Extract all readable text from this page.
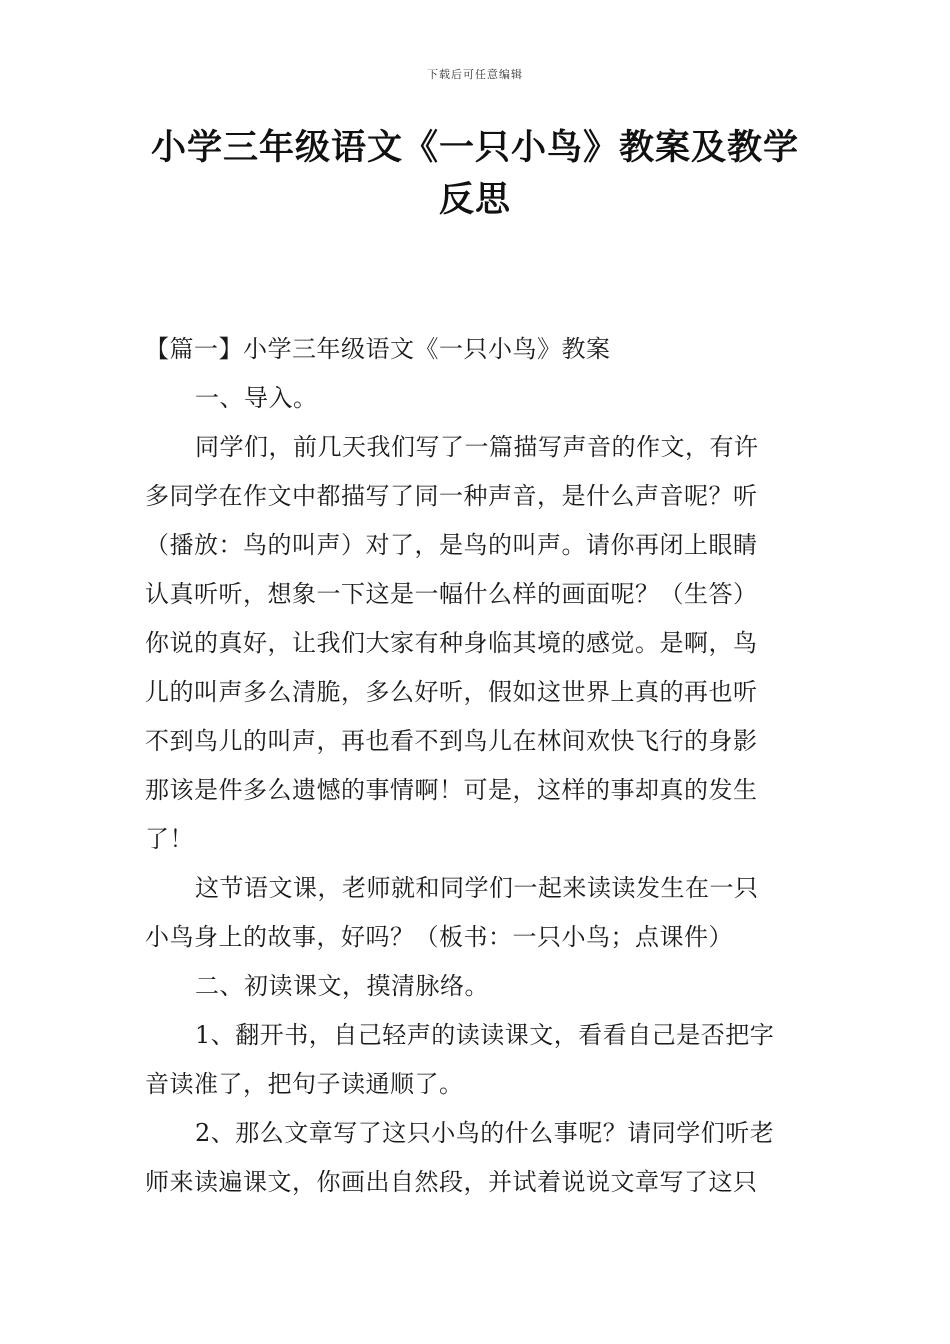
下载后可任意编辑
小学三年级语文《一只小鸟》教案及教学
反思

【篇一】小学三年级语文《一只小鸟》教案

一、导入。

同学们，前几天我们写了一篇描写声音的作文，有许
多同学在作文中都描写了同一种声音，是什么声音呢？听
（播放：鸟的叫声）对了，是鸟的叫声。请你再闭上眼睛
认真听听，想象一下这是一幅什么样的画面呢？（生答）
你说的真好，让我们大家有种身临其境的感觉。是啊，鸟
儿的叫声多么清脆，多么好听，假如这世界上真的再也听
不到鸟儿的叫声，再也看不到鸟儿在林间欢快飞行的身影
那该是件多么遗憾的事情啊！可是，这样的事却真的发生
了！

这节语文课，老师就和同学们一起来读读发生在一只
小鸟身上的故事，好吗？（板书：一只小鸟；点课件）

二、初读课文，摸清脉络。

1、翻开书，自己轻声的读读课文，看看自己是否把字
音读准了，把句子读通顺了。

2、那么文章写了这只小鸟的什么事呢？请同学们听老
师来读遍课文，你画出自然段，并试着说说文章写了这只
